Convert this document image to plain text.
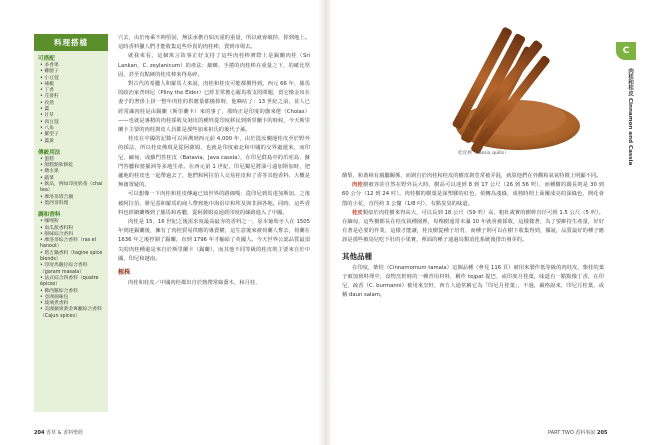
料理搭檔
可搭配
• 多香果
• 雞腿子
• 小豆蔻
• 辣椒
• 丁香
• 芫荽籽
• 孜然
• 薑
• 甘草
• 肉豆蔻
• 八角
• 羅望子
• 薑黃
傳統用法
• 蛋糕
• 甜糕點和餅乾
• 燉水果
• 蔬菜
• 飲品，例如印度奶茶（chai tea）
• 摩洛哥塔吉鍋
• 墨西哥料理
調和香料
• 咖哩粉
• 南瓜派香料粉
• 甜味綜合香料
• 摩洛哥綜合香料（ras el hanout）
• 塔吉鍋香料（tagine spice blends）
• 印度馬薩拉綜合香料（garam masala）
• 法式綜合四香料（quatre épices）
• 佛西羅綜合香料
• 亞洲滷味包
• 玻璃煮香料
• 美國蘋果黃金專屬綜合香料（Cajun spices）

穴去，由於角乘不夠堅固，無法承擔自如沉重的重量，所以就會破掉，掉到地上。這時香料獵人們才能收集這些珍貴的肉桂棒，賣到市場去。

就我來看，這個寓言故事正好支持了這些肉桂棒實際上是錫蘭肉桂（Sri Lankan，C. zeylanicum）的產法：細緻、手捲的肉桂棒在重量之下，的確比堅固，甚至有點硬的桂皮棒來得易碎。

對古代的希臘人和羅馬人來說，肉桂和桂皮可能都價得到。西元 66 年，羅馬的政治家普林尼（Pliny the Elder）已經非常擔心羅馬收支的問題，當它像金帛在妻子的奢侈上拼一整年肉桂的供應量都燒掉時，他嘀咕了：13 世紀之前，並人已經常識肉桂是由錫蘭（斯里蘭卡）來的事了，那時正是印度的伽來佬（Cholas）——也就是專精的肉桂採收及剝皮的種姓從印度移民到斯里蘭卡的時候，今天斯里蘭卡主要的肉桂剝皮人員都是那些加來祖氏的後代子孫。

桂皮在中國的記錄可以回溯到西元前 4,000 年，由於從汝蘭運桂皮至於野外的採法，所以桂皮佛現是從阿薩姆，也就是印度東北和中國的交界處運來，而印尼、緬甸、或蘇門答桂皮（Batavia，Java cassia），在印尼群島中的爪哇島、蘇門答臘和婆羅洲等多地生產。在西元第 1 世紀，印尼獨尼將油弓遠加斯加時，把蘆地的桂皮也一起帶過去了，他們和阿拉伯人交易桂皮和了香等其他香料，大概是無庸置疑的。

可以想像一下肉桂和桂皮傳遍已知世界的路線嗎：從印尼到馬達加斯加，之後被阿拉伯、腓尼基和羅馬的商人帶到地中海沿岸和埃及與非洲各地。同時，這些香料也經網蘭傳到了羅馬和希臘，從阿薩姆流通經印度的絲路進入了中國。

肉桂是 15、16 世紀之後需求度最高最夯的香料之一，原本葡萄牙人在 1505 年到達錫蘭後，擁有了肉桂貿易供應的專賣權，這生意後來被荷蘭人奪去，荷蘭在 1636 年之後控制了錫蘭，直到 1796 年才輸給了英國人。今天世界公認品質最頂尖的肉桂種還是來自於斯里蘭卡（錫蘭），而其他不同等級的桂皮則主要來自於中國、印尼和越南。

植株

肉桂和桂皮／中國肉桂都出自於熱帶常綠喬木，和月桂、

桂皮棒（cassia quills）

酪梨、和黃樟有親屬關係，而剝自於肉桂和桂皮的樹皮剝莖常被弄混，就算他們在外觀和氣氣特徵上明顯不同。

肉桂樹被容許自然在野外長大時，樹高可以達到 8 到 17 公尺（26 到 56 呎），而種樹的闊長則是 30 到 60 公分（12 到 24 吋）。肉桂樹的樹葉是深塑膠的紅色，依轉為淺綠，成熟時則上面覆成亮的深綠色，開花會散的小花，直徑約 3 公釐（1/8 吋），有點臭臭的味道。

桂皮類似於肉桂樹來得高大，可以長到 18 公尺（59 呎）高，粗杜歲實的樹幹直径可到 1.5 公尺（5 呎）。在緬甸，這些樹都長在桂皮栽種園裡，每棵樹通常未滿 10 年就會被採收，這樣樣著，為了要維持生產量，好好有著是必要的作業，這樣才能讓，桂皮樹從種子培育，而種子則可以在樹下收集得到，據說，品質最好的種子應該是那些被鳥兒吃下肚的小果實，裡面的種子通過鳥類消化系統後排出發芽的。

其他品種

在印度，柴桂（Cinnamomum tamala）這個品種（參見 116 頁）被用來製作低等級的肉桂皮，柴桂的葉子被加到料理中，食物烹飪時的一種青用材料，稱作 tejpat 提巴，或印度月桂葉，味道有一點點像丁香，在印尼，疏香（C. burmanni）被用來烹飪，西方人通常稱它為「印尼月桂葉」，不過，嚴格說來，印尼月桂葉，或稱 daun salam，

C
肉桂和桂皮 Cinnamon and Cassia
204 香草 & 香料聖經	PART TWO 香料事說 205
